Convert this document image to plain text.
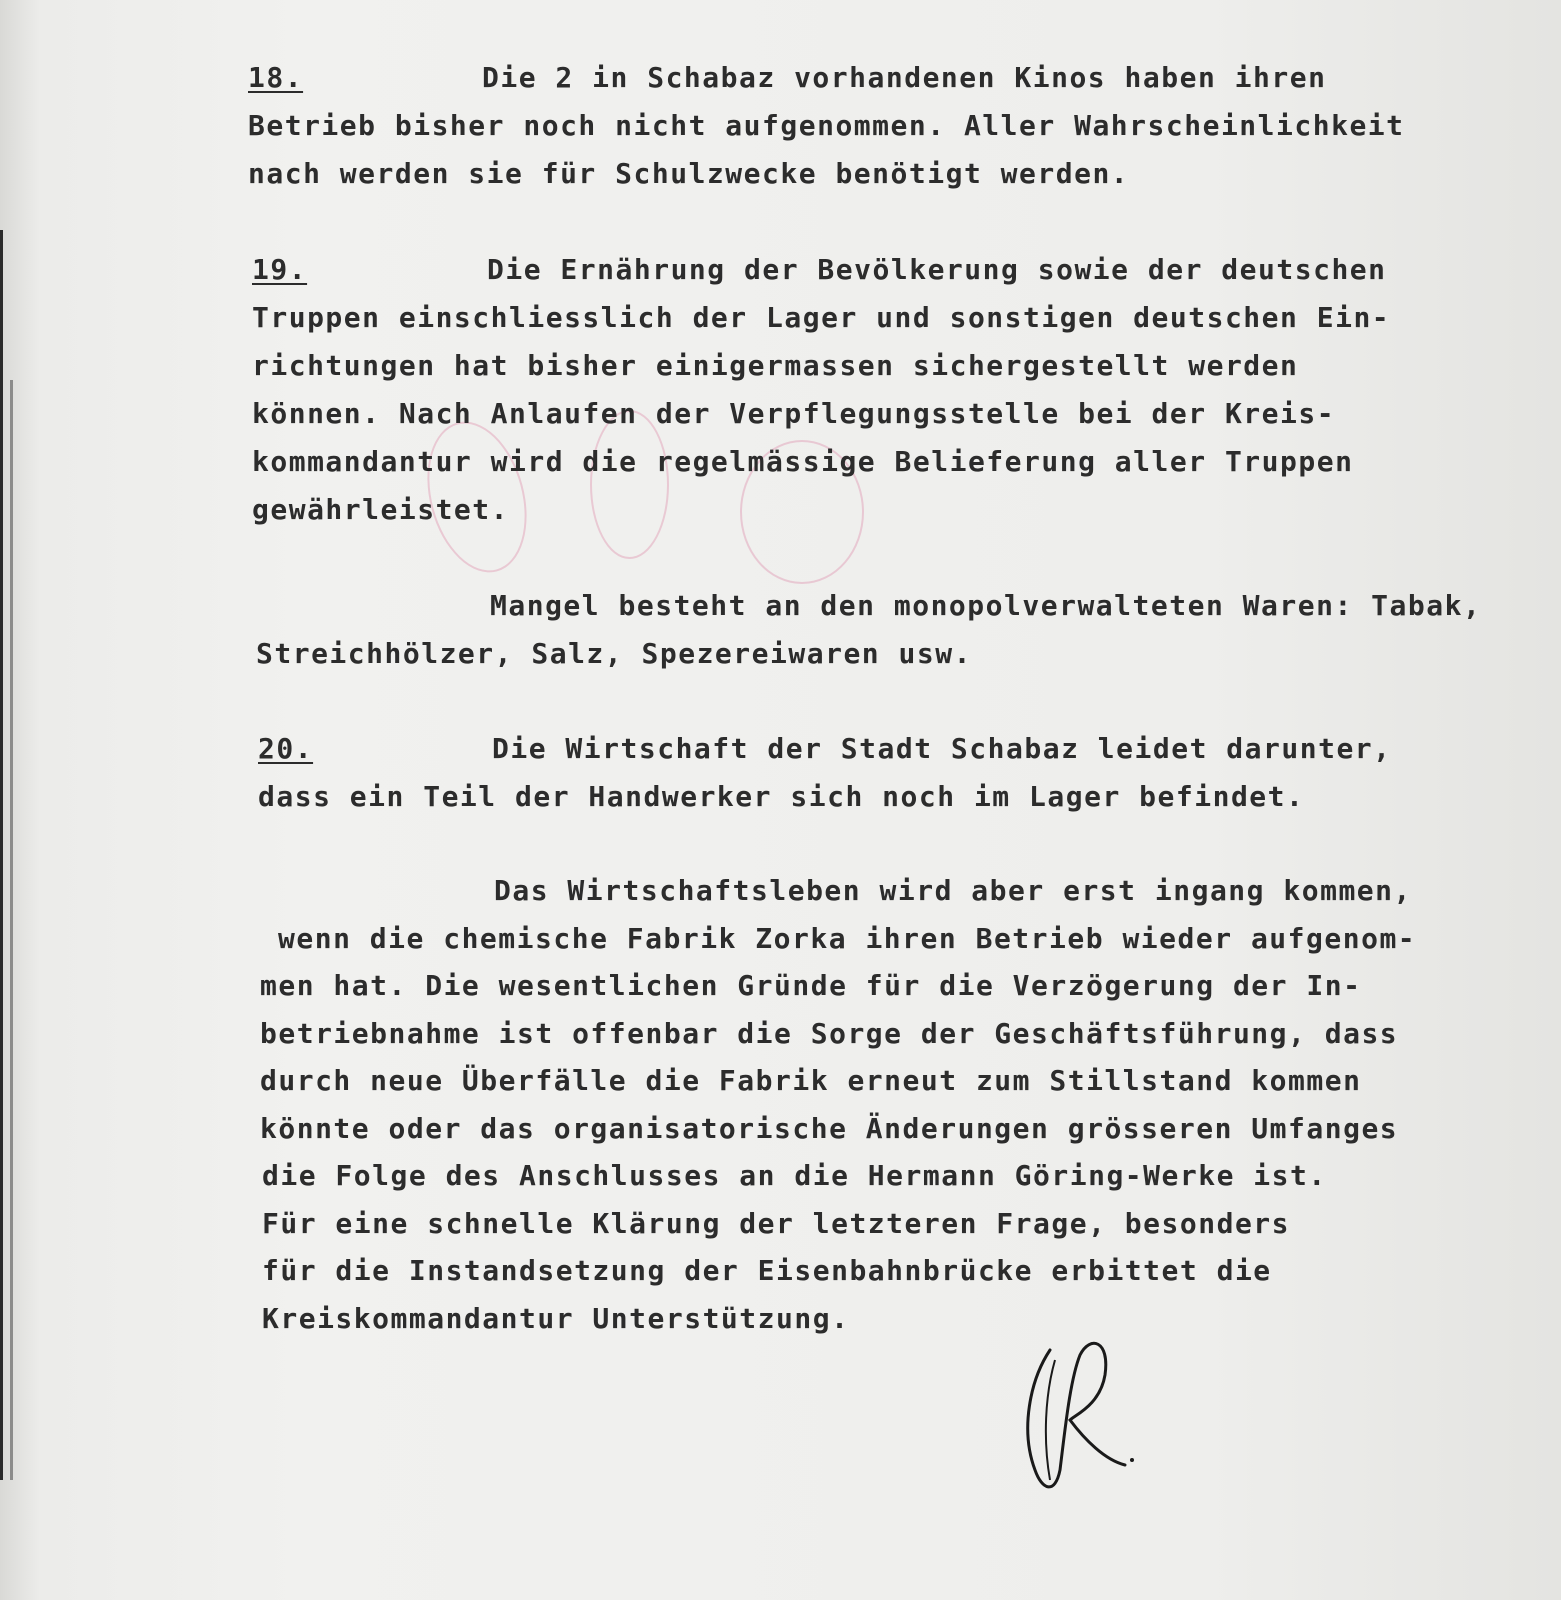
18.	Die 2 in Schabaz vorhandenen Kinos haben ihren
Betrieb bisher noch nicht aufgenommen. Aller Wahrscheinlichkeit
nach werden sie für Schulzwecke benötigt werden.
19.	Die Ernährung der Bevölkerung sowie der deutschen
Truppen einschliesslich der Lager und sonstigen deutschen Ein-
richtungen hat bisher einigermassen sichergestellt werden
können. Nach Anlaufen der Verpflegungsstelle bei der Kreis-
kommandantur wird die regelmässige Belieferung aller Truppen
gewährleistet.
Mangel besteht an den monopolverwalteten Waren: Tabak,
Streichhölzer, Salz, Spezereiwaren usw.
20.	Die Wirtschaft der Stadt Schabaz leidet darunter,
dass ein Teil der Handwerker sich noch im Lager befindet.
Das Wirtschaftsleben wird aber erst ingang kommen,
wenn die chemische Fabrik Zorka ihren Betrieb wieder aufgenom-
men hat. Die wesentlichen Gründe für die Verzögerung der In-
betriebnahme ist offenbar die Sorge der Geschäftsführung, dass
durch neue Überfälle die Fabrik erneut zum Stillstand kommen
könnte oder das organisatorische Änderungen grösseren Umfanges
die Folge des Anschlusses an die Hermann Göring-Werke ist.
Für eine schnelle Klärung der letzteren Frage, besonders
für die Instandsetzung der Eisenbahnbrücke erbittet die
Kreiskommandantur Unterstützung.
